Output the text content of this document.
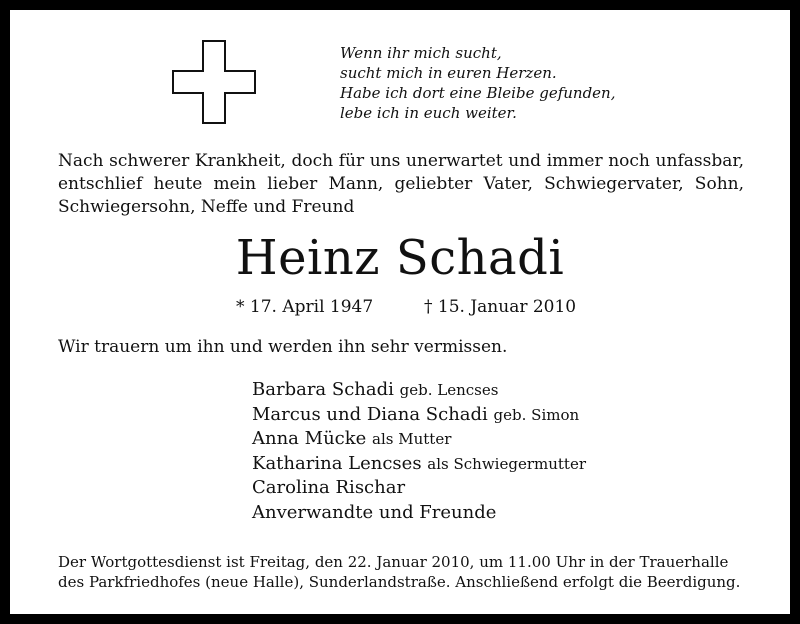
Wenn ihr mich sucht,
sucht mich in euren Herzen.
Habe ich dort eine Bleibe gefunden,
lebe ich in euch weiter.
Nach schwerer Krankheit, doch für uns unerwartet und immer noch unfassbar, entschlief heute mein lieber Mann, geliebter Vater, Schwiegervater, Sohn, Schwiegersohn, Neffe und Freund
Heinz Schadi
* 17. April 1947	† 15. Januar 2010
Wir trauern um ihn und werden ihn sehr vermissen.
Barbara Schadi geb. Lencses
Marcus und Diana Schadi geb. Simon
Anna Mücke als Mutter
Katharina Lencses als Schwiegermutter
Carolina Rischar
Anverwandte und Freunde
Der Wortgottesdienst ist Freitag, den 22. Januar 2010, um 11.00 Uhr in der Trauerhalle des Parkfriedhofes (neue Halle), Sunderlandstraße. Anschließend erfolgt die Beerdigung.
